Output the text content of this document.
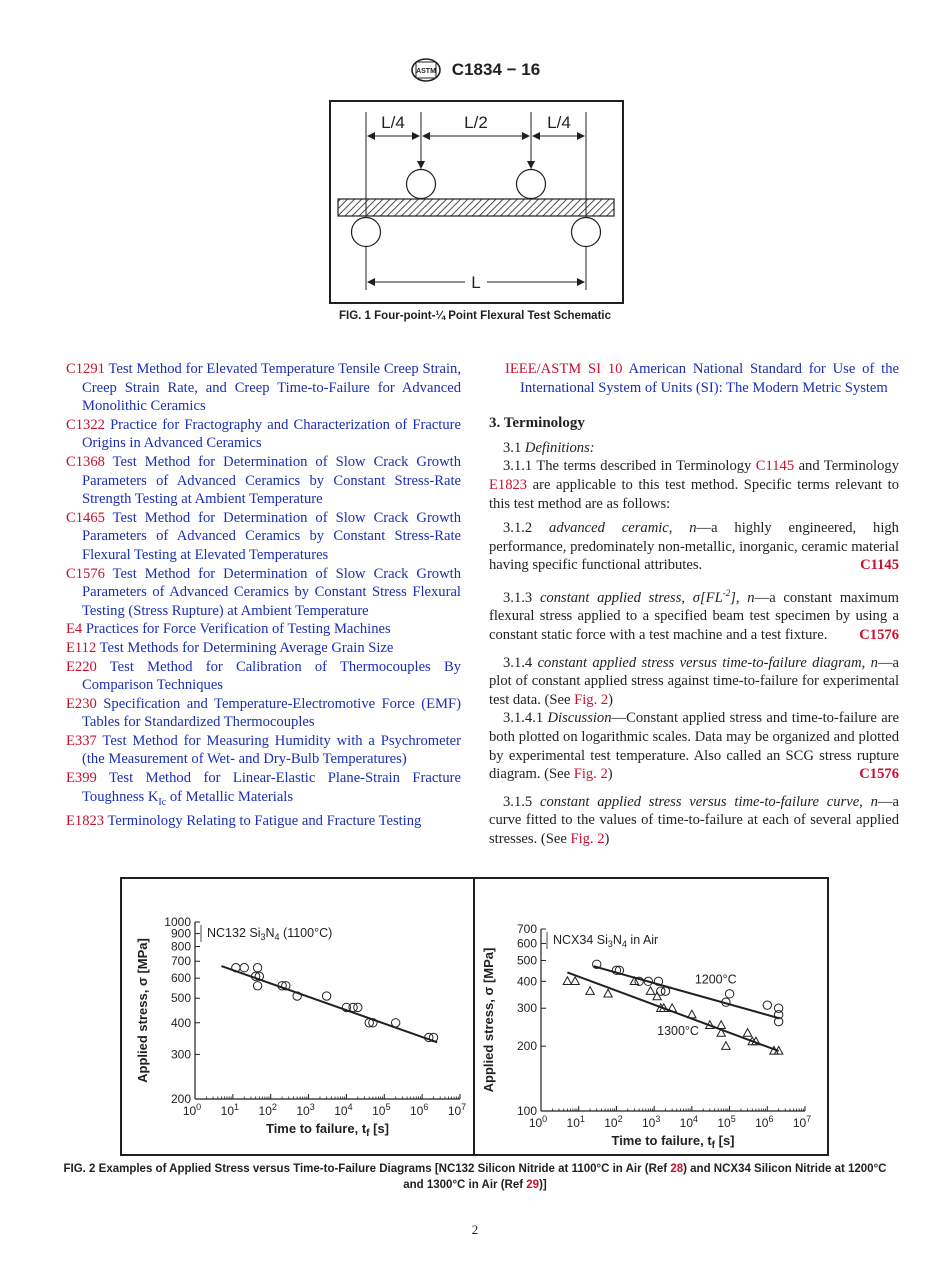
ASTM C1834 − 16
L/4	L/2	L/4
L
FIG. 1 Four-point-¼ Point Flexural Test Schematic

C1291 Test Method for Elevated Temperature Tensile Creep Strain, Creep Strain Rate, and Creep Time-to-Failure for Advanced Monolithic Ceramics

C1322 Practice for Fractography and Characterization of Fracture Origins in Advanced Ceramics

C1368 Test Method for Determination of Slow Crack Growth Parameters of Advanced Ceramics by Constant Stress-Rate Strength Testing at Ambient Temperature

C1465 Test Method for Determination of Slow Crack Growth Parameters of Advanced Ceramics by Constant Stress-Rate Flexural Testing at Elevated Temperatures

C1576 Test Method for Determination of Slow Crack Growth Parameters of Advanced Ceramics by Constant Stress Flexural Testing (Stress Rupture) at Ambient Temperature

E4 Practices for Force Verification of Testing Machines

E112 Test Methods for Determining Average Grain Size

E220 Test Method for Calibration of Thermocouples By Comparison Techniques

E230 Specification and Temperature-Electromotive Force (EMF) Tables for Standardized Thermocouples

E337 Test Method for Measuring Humidity with a Psychrometer (the Measurement of Wet- and Dry-Bulb Temperatures)

E399 Test Method for Linear-Elastic Plane-Strain Fracture Toughness $K_{Ic}$ of Metallic Materials

E1823 Terminology Relating to Fatigue and Fracture Testing

IEEE/ASTM SI 10 American National Standard for Use of the International System of Units (SI): The Modern Metric System

3. Terminology

3.1 Definitions:

3.1.1 The terms described in Terminology C1145 and Terminology E1823 are applicable to this test method. Specific terms relevant to this test method are as follows:

3.1.2 advanced ceramic, n—a highly engineered, high performance, predominately non-metallic, inorganic, ceramic material having specific functional attributes.	C1145

3.1.3 constant applied stress, $\sigma[FL^{-2}]$, n—a constant maximum flexural stress applied to a specified beam test specimen by using a constant static force with a test machine and a test fixture.	C1576

3.1.4 constant applied stress versus time-to-failure diagram, n—a plot of constant applied stress against time-to-failure for experimental test data. (See Fig. 2)

3.1.4.1 Discussion—Constant applied stress and time-to-failure are both plotted on logarithmic scales. Data may be organized and plotted by experimental test temperature. Also called an SCG stress rupture diagram. (See Fig. 2)	C1576

3.1.5 constant applied stress versus time-to-failure curve, n—a curve fitted to the values of time-to-failure at each of several applied stresses. (See Fig. 2)

$10^0$ $10^1$ $10^2$ $10^3$ $10^4$ $10^5$ $10^6$ $10^7$
200
300
400
500
600
700
800
900
1000
Time to failure, $t_f$ [s]
Applied stress, σ [MPa]
NC132 $Si_3N_4$ (1100°C)
$10^0$ $10^1$ $10^2$ $10^3$ $10^4$ $10^5$ $10^6$ $10^7$
100
200
300
400
500
600
700
Time to failure, $t_f$ [s]
Applied stress, σ [MPa]
NCX34 $Si_3N_4$ in Air
1200°C
1300°C
FIG. 2 Examples of Applied Stress versus Time-to-Failure Diagrams [NC132 Silicon Nitride at 1100°C in Air (Ref 28) and NCX34 Silicon Nitride at 1200°C and 1300°C in Air (Ref 29)]
2
